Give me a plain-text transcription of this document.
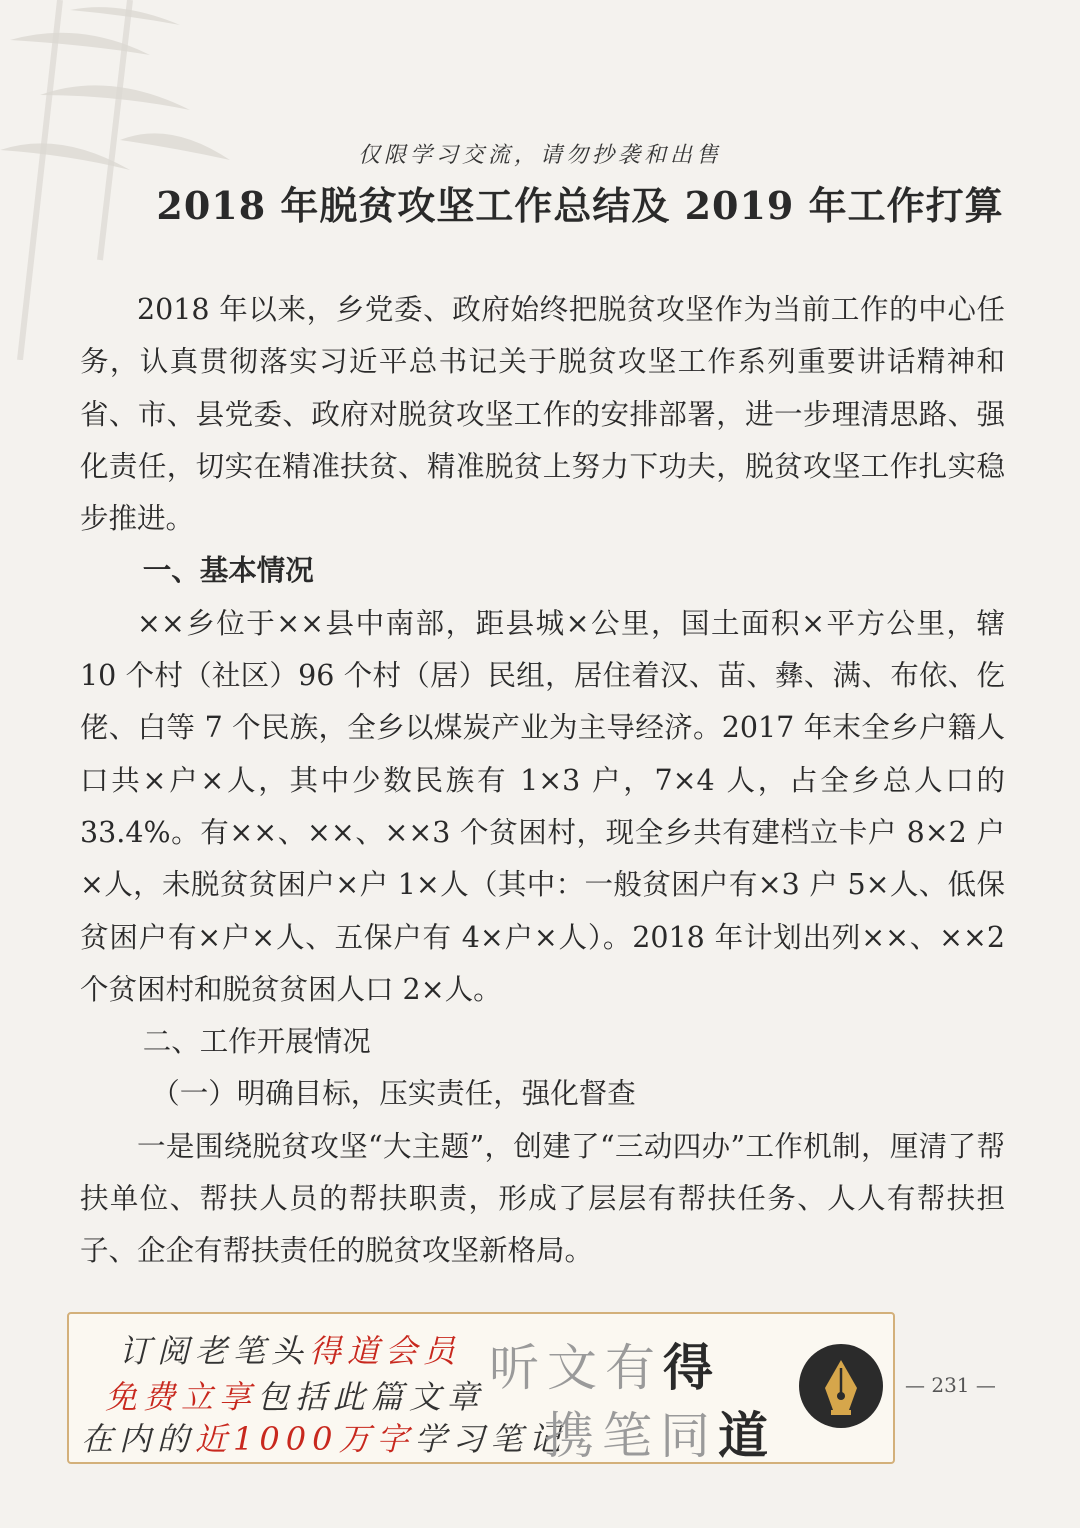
仅限学习交流，请勿抄袭和出售
2018 年脱贫攻坚工作总结及 2019 年工作打算

2018 年以来，乡党委、政府始终把脱贫攻坚作为当前工作的中心任务，认真贯彻落实习近平总书记关于脱贫攻坚工作系列重要讲话精神和省、市、县党委、政府对脱贫攻坚工作的安排部署，进一步理清思路、强化责任，切实在精准扶贫、精准脱贫上努力下功夫，脱贫攻坚工作扎实稳步推进。

一、基本情况

××乡位于××县中南部，距县城×公里，国土面积×平方公里，辖 10 个村（社区）96 个村（居）民组，居住着汉、苗、彝、满、布依、仡佬、白等 7 个民族，全乡以煤炭产业为主导经济。2017 年末全乡户籍人口共×户×人，其中少数民族有 1×3 户，7×4 人，占全乡总人口的 33.4%。有××、××、××3 个贫困村，现全乡共有建档立卡户 8×2 户×人，未脱贫贫困户×户 1×人（其中：一般贫困户有×3 户 5×人、低保贫困户有×户×人、五保户有 4×户×人）。2018 年计划出列××、××2 个贫困村和脱贫贫困人口 2×人。

二、工作开展情况

（一）明确目标，压实责任，强化督查

一是围绕脱贫攻坚“大主题”，创建了“三动四办”工作机制，厘清了帮扶单位、帮扶人员的帮扶职责，形成了层层有帮扶任务、人人有帮扶担子、企企有帮扶责任的脱贫攻坚新格局。

订阅老笔头得道会员
免费立享包括此篇文章
在内的近1000万字学习笔记
听文有得
携笔同道
— 231 —
